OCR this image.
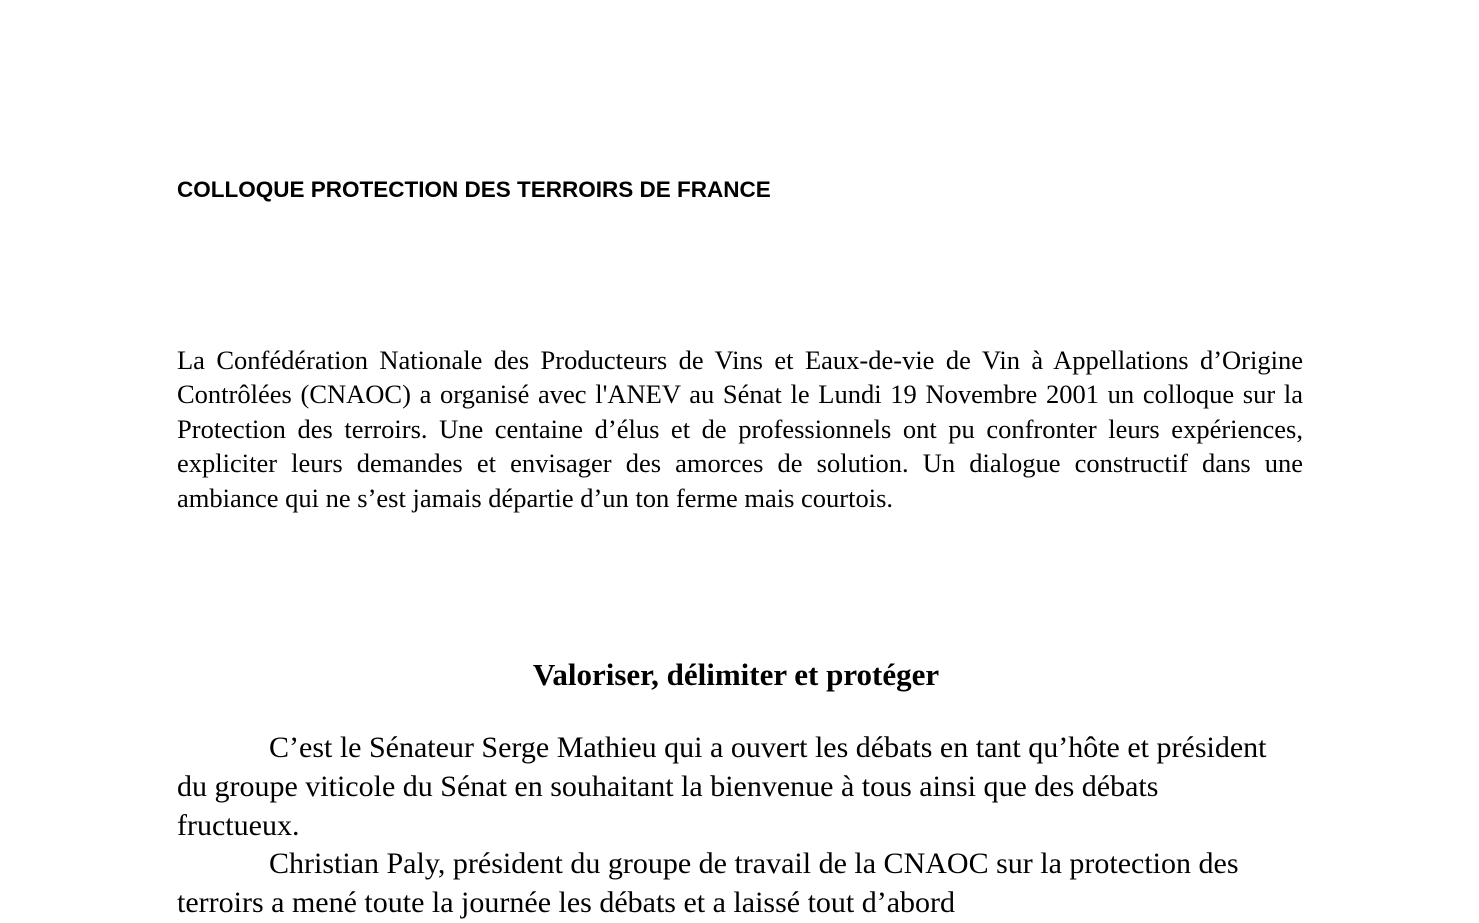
COLLOQUE PROTECTION DES TERROIRS DE FRANCE

La Confédération Nationale des Producteurs de Vins et Eaux-de-vie de Vin à Appellations d’Origine Contrôlées (CNAOC) a organisé avec l'ANEV au Sénat le Lundi 19 Novembre 2001 un colloque sur la Protection des terroirs. Une centaine d’élus et de professionnels ont pu confronter leurs expériences, expliciter leurs demandes et envisager des amorces de solution. Un dialogue constructif dans une ambiance qui ne s’est jamais départie d’un ton ferme mais courtois.

Valoriser, délimiter et protéger

C’est le Sénateur Serge Mathieu qui a ouvert les débats en tant qu’hôte et président du groupe viticole du Sénat en souhaitant la bienvenue à tous ainsi que des débats fructueux.

Christian Paly, président du groupe de travail de la CNAOC sur la protection des terroirs a mené toute la journée les débats et a laissé tout d’abord
